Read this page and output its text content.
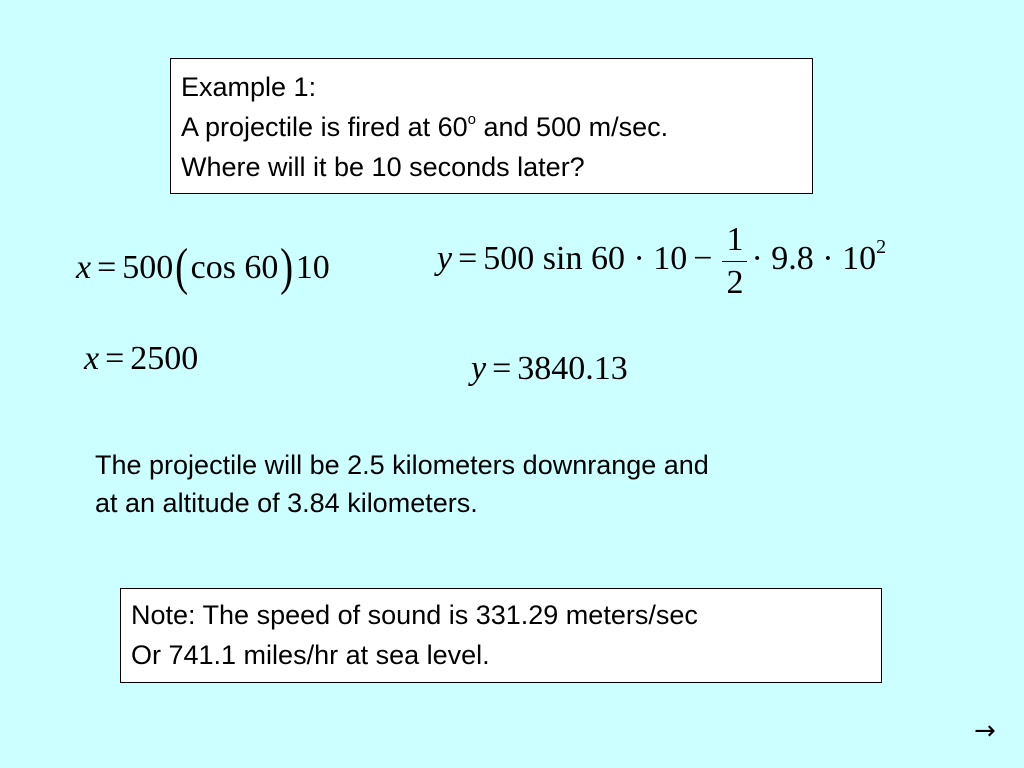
Example 1:
A projectile is fired at 60$^o$ and 500 m/sec.
Where will it be 10 seconds later?
x = 500(cos 60)10	y = 500 $\sin 60 \cdot 10 - \frac{1}{2} \cdot 9.8 \cdot 10^2$
x = 2500	y = 3840.13
The projectile will be 2.5 kilometers downrange and
at an altitude of 3.84 kilometers.
Note: The speed of sound is 331.29 meters/sec
Or 741.1 miles/hr at sea level.
→
